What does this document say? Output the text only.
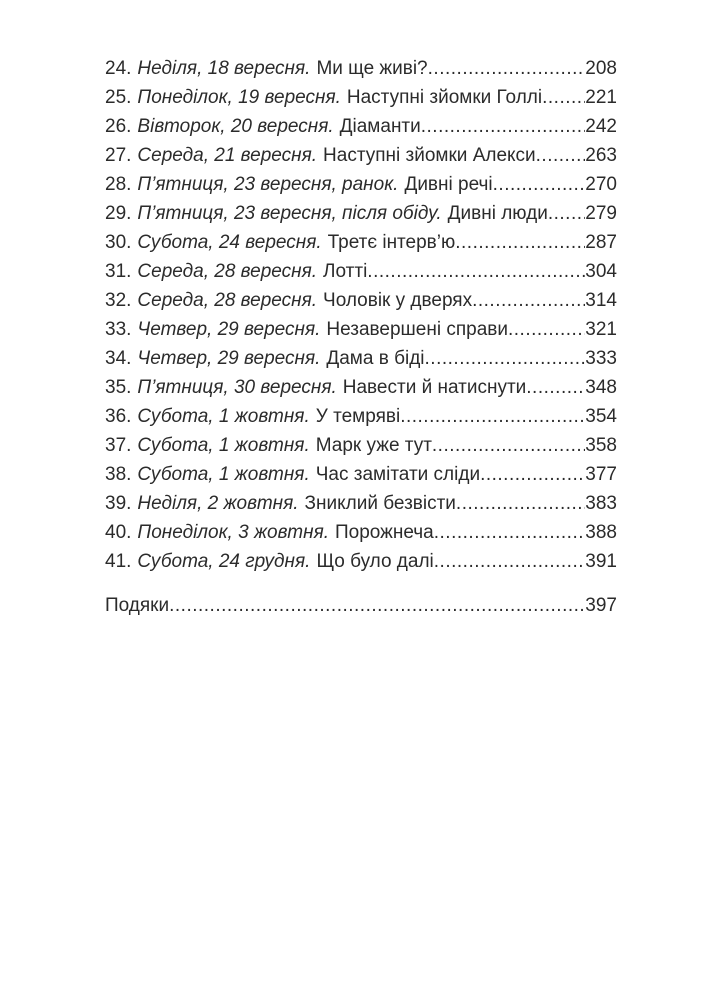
24. Неділя, 18 вересня. Ми ще живі? .....	208
25. Понеділок, 19 вересня. Наступні зйомки Голлі ..... 221
26. Вівторок, 20 вересня. Діаманти .....	242
27. Середа, 21 вересня. Наступні зйомки Алекси .....	263
28. П’ятниця, 23 вересня, ранок. Дивні речі .....	270
29. П’ятниця, 23 вересня, після обіду. Дивні люди ..... 279
30. Субота, 24 вересня. Третє інтерв’ю .....	287
31. Середа, 28 вересня. Лотті .....	304
32. Середа, 28 вересня. Чоловік у дверях .....	314
33. Четвер, 29 вересня. Незавершені справи .....	321
34. Четвер, 29 вересня. Дама в біді .....	333
35. П’ятниця, 30 вересня. Навести й натиснути .....	348
36. Субота, 1 жовтня. У темряві .....	354
37. Субота, 1 жовтня. Марк уже тут .....	358
38. Субота, 1 жовтня. Час замітати сліди .....	377
39. Неділя, 2 жовтня. Зниклий безвісти .....	383
40. Понеділок, 3 жовтня. Порожнеча .....	388
41. Субота, 24 грудня. Що було далі .....	391
Подяки .....	397
